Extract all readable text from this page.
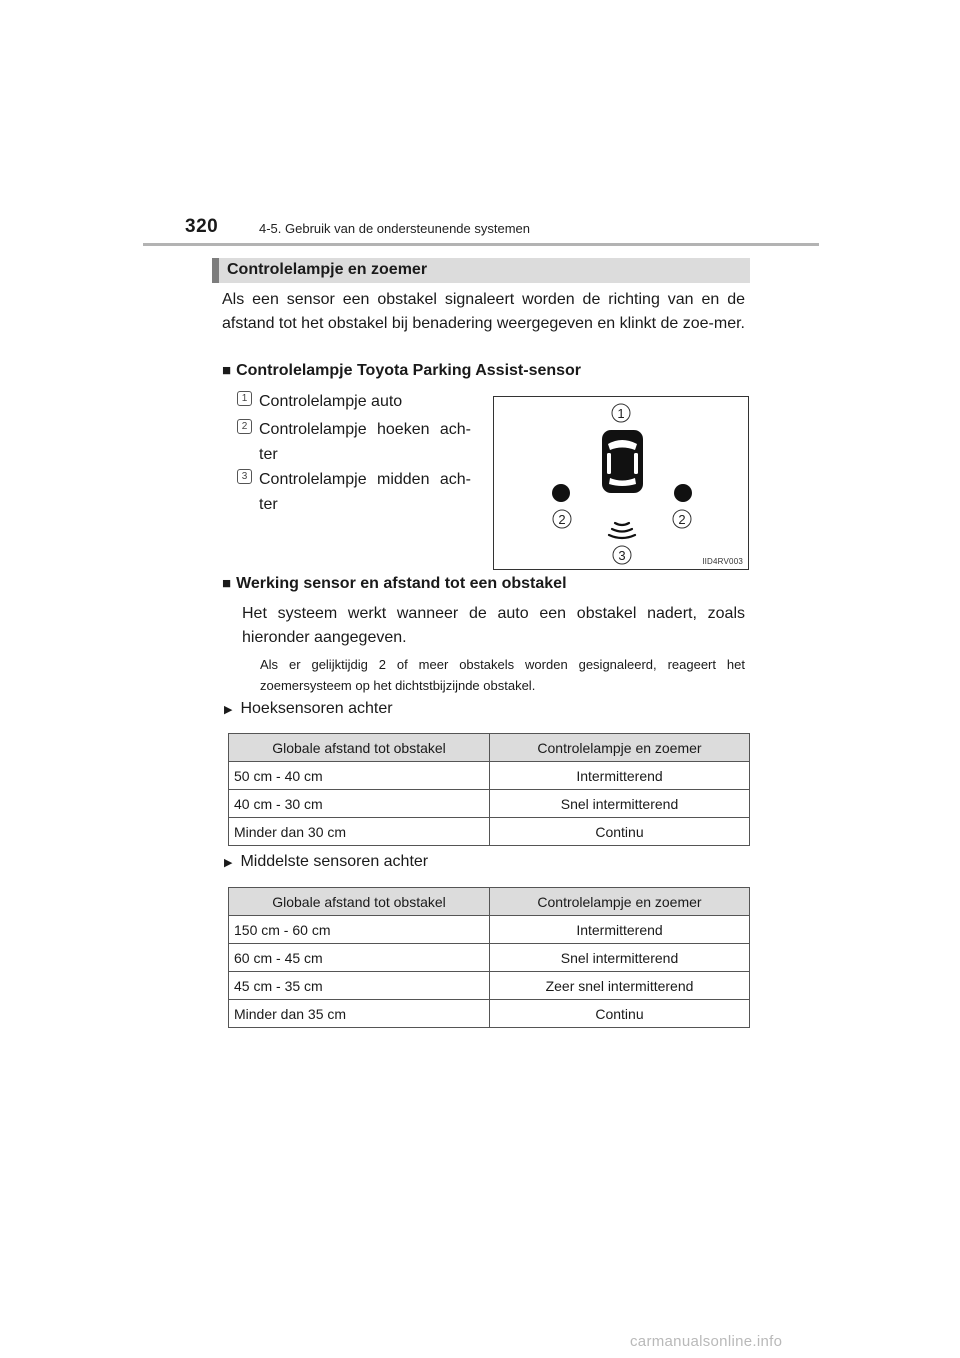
320	4-5. Gebruik van de ondersteunende systemen
Controlelampje en zoemer
Als een sensor een obstakel signaleert worden de richting van en de afstand tot het obstakel bij benadering weergegeven en klinkt de zoe-mer.
■ Controlelampje Toyota Parking Assist-sensor
1 Controlelampje auto
2 Controlelampje hoeken ach-ter
3 Controlelampje midden ach-ter
1
2	2
3	IID4RV003
■ Werking sensor en afstand tot een obstakel
Het systeem werkt wanneer de auto een obstakel nadert, zoals hieronder aangegeven.
Als er gelijktijdig 2 of meer obstakels worden gesignaleerd, reageert het zoemersysteem op het dichtstbijzijnde obstakel.
▶ Hoeksensoren achter
Globale afstand tot obstakel	Controlelampje en zoemer
50 cm - 40 cm	Intermitterend
40 cm - 30 cm	Snel intermitterend
Minder dan 30 cm	Continu
▶ Middelste sensoren achter
Globale afstand tot obstakel	Controlelampje en zoemer
150 cm - 60 cm	Intermitterend
60 cm - 45 cm	Snel intermitterend
45 cm - 35 cm	Zeer snel intermitterend
Minder dan 35 cm	Continu
carmanualsonline.info
